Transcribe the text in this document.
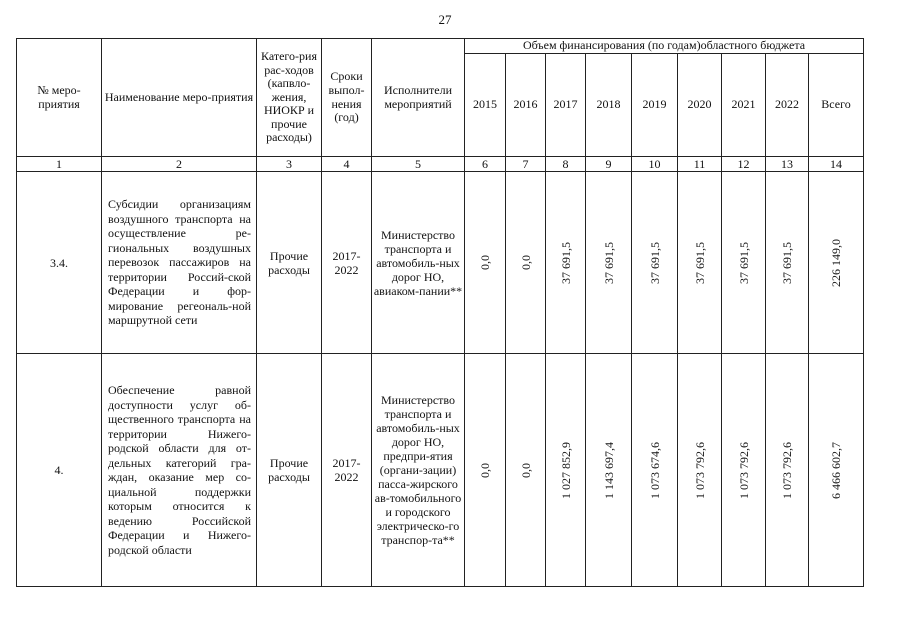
27
№ меро-приятия	Наименование меро-приятия	Катего-рия рас-ходов (капвло-жения, НИОКР и прочие расходы)	Сроки выпол-нения (год)	Исполнители мероприятий	Объем финансирования (по годам)областного бюджета								
					2015	2016	2017	2018	2019	2020	2021	2022	Всего
1	2	3	4	5	6	7	8	9	10	11	12	13	14
3.4.	Субсидии организациям воздушного транспорта на осуществление ре-гиональных воздушных перевозок пассажиров на территории Россий-ской Федерации и фор-мирование регеональ-ной маршрутной сети	Прочие расходы	2017-2022	Министерство транспорта и автомобиль-ных дорог НО, авиаком-пании**	0,0	0,0	37 691,5	37 691,5	37 691,5	37 691,5	37 691,5	37 691,5	226 149,0

4.	Обеспечение равной доступности услуг об-щественного транспорта на территории Нижего-родской области для от-дельных категорий гра-ждан, оказание мер со-циальной поддержки которым относится к ведению Российской Федерации и Нижего-родской области	Прочие расходы	2017-2022	Министерство транспорта и автомобиль-ных дорог НО, предпри-ятия (органи-зации) пасса-жирского ав-томобильного и городского электрическо-го транспор-та**	0,0	0,0	1 027 852,9	1 143 697,4	1 073 674,6	1 073 792,6	1 073 792,6	1 073 792,6	6 466 602,7
